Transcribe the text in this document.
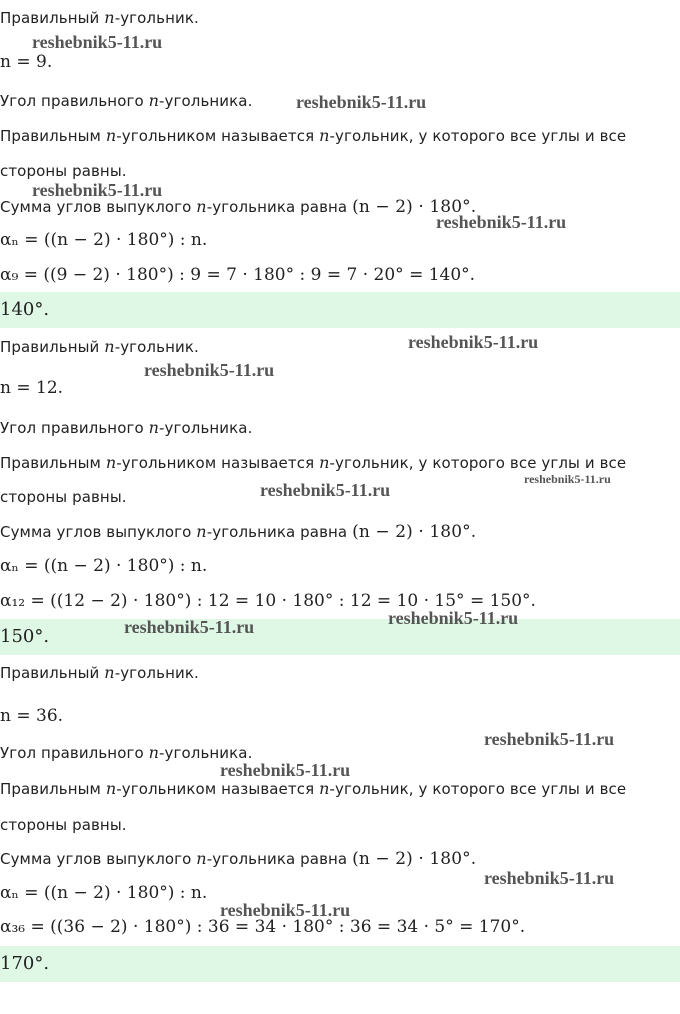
Правильный n-угольник.
n = 9.
Угол правильного n-угольника.
Правильным n-угольником называется n-угольник, у которого все углы и все
стороны равны.
Сумма углов выпуклого n-угольника равна (n − 2) · 180°.
αₙ = ((n − 2) · 180°) : n.
α₉ = ((9 − 2) · 180°) : 9 = 7 · 180° : 9 = 7 · 20° = 140°.
140°.
Правильный n-угольник.
n = 12.
Угол правильного n-угольника.
Правильным n-угольником называется n-угольник, у которого все углы и все
стороны равны.
Сумма углов выпуклого n-угольника равна (n − 2) · 180°.
αₙ = ((n − 2) · 180°) : n.
α₁₂ = ((12 − 2) · 180°) : 12 = 10 · 180° : 12 = 10 · 15° = 150°.
150°.
Правильный n-угольник.
n = 36.
Угол правильного n-угольника.
Правильным n-угольником называется n-угольник, у которого все углы и все
стороны равны.
Сумма углов выпуклого n-угольника равна (n − 2) · 180°.
αₙ = ((n − 2) · 180°) : n.
α₃₆ = ((36 − 2) · 180°) : 36 = 34 · 180° : 36 = 34 · 5° = 170°.
170°.
reshebnik5-11.ru
reshebnik5-11.ru
reshebnik5-11.ru
reshebnik5-11.ru
reshebnik5-11.ru
reshebnik5-11.ru
reshebnik5-11.ru
reshebnik5-11.ru
reshebnik5-11.ru	reshebnik5-11.ru
reshebnik5-11.ru
reshebnik5-11.ru
reshebnik5-11.ru
reshebnik5-11.ru
